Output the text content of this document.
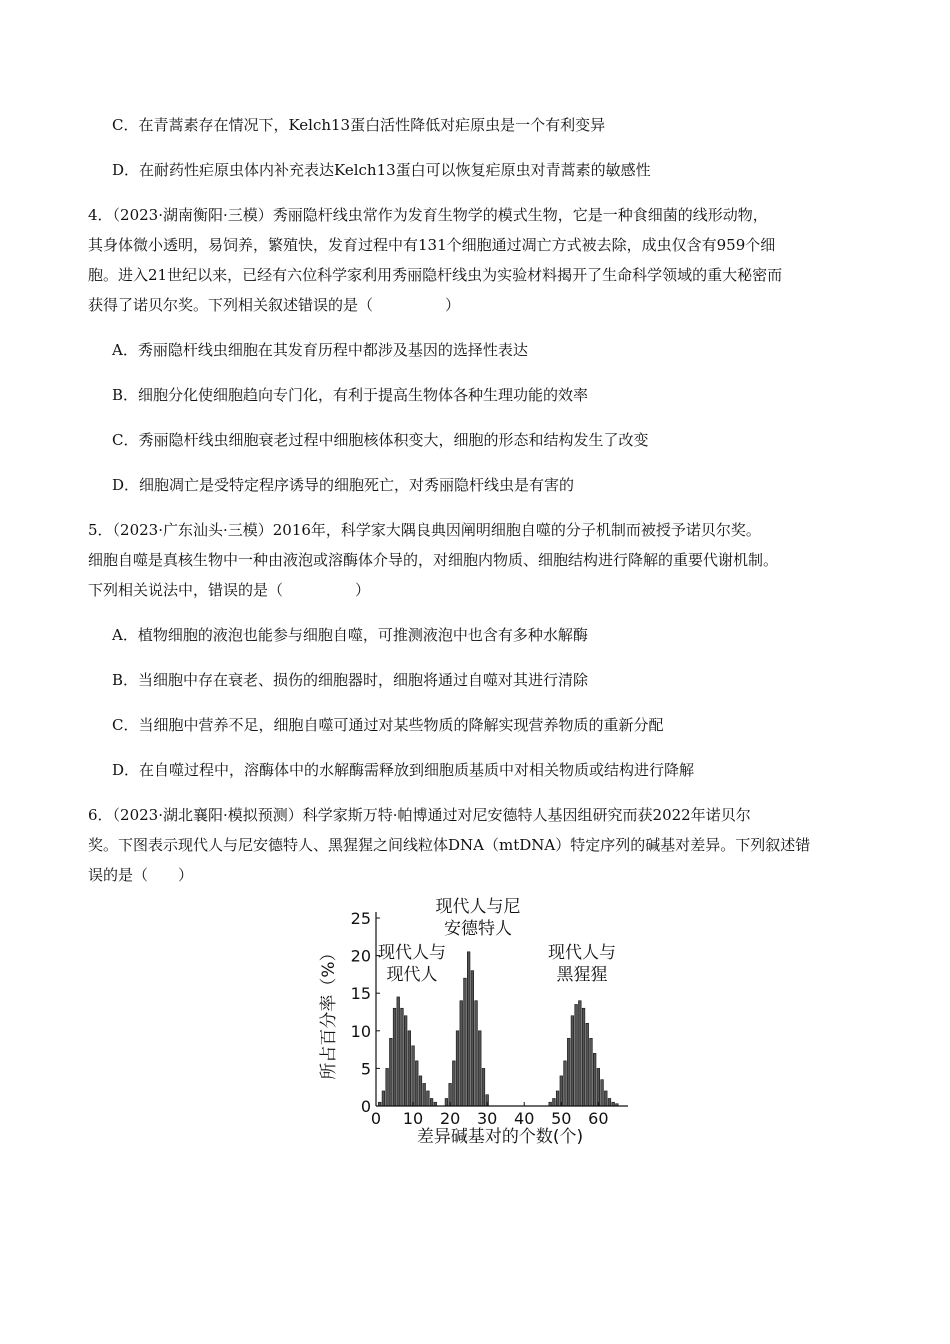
C．在青蒿素存在情况下，Kelch13蛋白活性降低对疟原虫是一个有利变异
D．在耐药性疟原虫体内补充表达Kelch13蛋白可以恢复疟原虫对青蒿素的敏感性
4．（2023·湖南衡阳·三模）秀丽隐杆线虫常作为发育生物学的模式生物，它是一种食细菌的线形动物，
其身体微小透明，易饲养，繁殖快，发育过程中有131个细胞通过凋亡方式被去除，成虫仅含有959个细
胞。进入21世纪以来，已经有六位科学家利用秀丽隐杆线虫为实验材料揭开了生命科学领域的重大秘密而
获得了诺贝尔奖。下列相关叙述错误的是（	）
A．秀丽隐杆线虫细胞在其发育历程中都涉及基因的选择性表达
B．细胞分化使细胞趋向专门化，有利于提高生物体各种生理功能的效率
C．秀丽隐杆线虫细胞衰老过程中细胞核体积变大，细胞的形态和结构发生了改变
D．细胞凋亡是受特定程序诱导的细胞死亡，对秀丽隐杆线虫是有害的
5．（2023·广东汕头·三模）2016年，科学家大隅良典因阐明细胞自噬的分子机制而被授予诺贝尔奖。
细胞自噬是真核生物中一种由液泡或溶酶体介导的，对细胞内物质、细胞结构进行降解的重要代谢机制。
下列相关说法中，错误的是（	）
A．植物细胞的液泡也能参与细胞自噬，可推测液泡中也含有多种水解酶
B．当细胞中存在衰老、损伤的细胞器时，细胞将通过自噬对其进行清除
C．当细胞中营养不足，细胞自噬可通过对某些物质的降解实现营养物质的重新分配
D．在自噬过程中，溶酶体中的水解酶需释放到细胞质基质中对相关物质或结构进行降解
6．（2023·湖北襄阳·模拟预测）科学家斯万特·帕博通过对尼安德特人基因组研究而获2022年诺贝尔
奖。下图表示现代人与尼安德特人、黑猩猩之间线粒体DNA（mtDNA）特定序列的碱基对差异。下列叙述错
误的是（ ）
0 10 20 30 40 50 60
0
5
10
15
20
25
现代人与
现代人
现代人与尼
安德特人
现代人与
黑猩猩
差异碱基对的个数(个)
所占百分率（%）
